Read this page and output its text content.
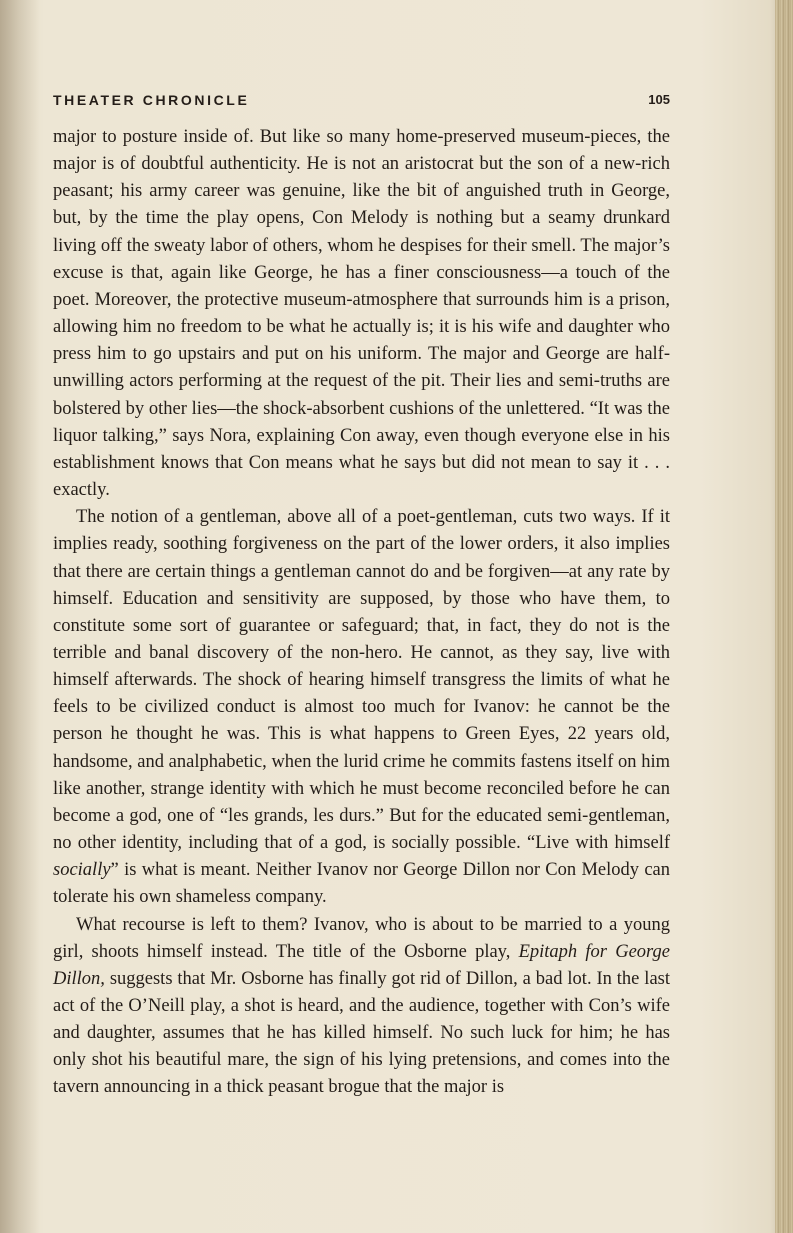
THEATER CHRONICLE	105

major to posture inside of. But like so many home-preserved museum-pieces, the major is of doubtful authenticity. He is not an aristocrat but the son of a new-rich peasant; his army career was genuine, like the bit of anguished truth in George, but, by the time the play opens, Con Melody is nothing but a seamy drunkard living off the sweaty labor of others, whom he despises for their smell. The major’s excuse is that, again like George, he has a finer consciousness—a touch of the poet. Moreover, the protective museum-atmosphere that surrounds him is a prison, allowing him no freedom to be what he actually is; it is his wife and daughter who press him to go upstairs and put on his uniform. The major and George are half-unwilling actors performing at the request of the pit. Their lies and semi-truths are bolstered by other lies—the shock-absorbent cushions of the unlettered. “It was the liquor talking,” says Nora, explaining Con away, even though everyone else in his establishment knows that Con means what he says but did not mean to say it . . . exactly.

The notion of a gentleman, above all of a poet-gentleman, cuts two ways. If it implies ready, soothing forgiveness on the part of the lower orders, it also implies that there are certain things a gentleman cannot do and be forgiven—at any rate by himself. Education and sensitivity are supposed, by those who have them, to constitute some sort of guarantee or safeguard; that, in fact, they do not is the terrible and banal discovery of the non-hero. He cannot, as they say, live with himself afterwards. The shock of hearing himself transgress the limits of what he feels to be civilized conduct is almost too much for Ivanov: he cannot be the person he thought he was. This is what happens to Green Eyes, 22 years old, handsome, and analphabetic, when the lurid crime he commits fastens itself on him like another, strange identity with which he must become reconciled before he can become a god, one of “les grands, les durs.” But for the educated semi-gentleman, no other identity, including that of a god, is socially possible. “Live with himself socially” is what is meant. Neither Ivanov nor George Dillon nor Con Melody can tolerate his own shameless company.

What recourse is left to them? Ivanov, who is about to be married to a young girl, shoots himself instead. The title of the Osborne play, Epitaph for George Dillon, suggests that Mr. Osborne has finally got rid of Dillon, a bad lot. In the last act of the O’Neill play, a shot is heard, and the audience, together with Con’s wife and daughter, assumes that he has killed himself. No such luck for him; he has only shot his beautiful mare, the sign of his lying pretensions, and comes into the tavern announcing in a thick peasant brogue that the major is
